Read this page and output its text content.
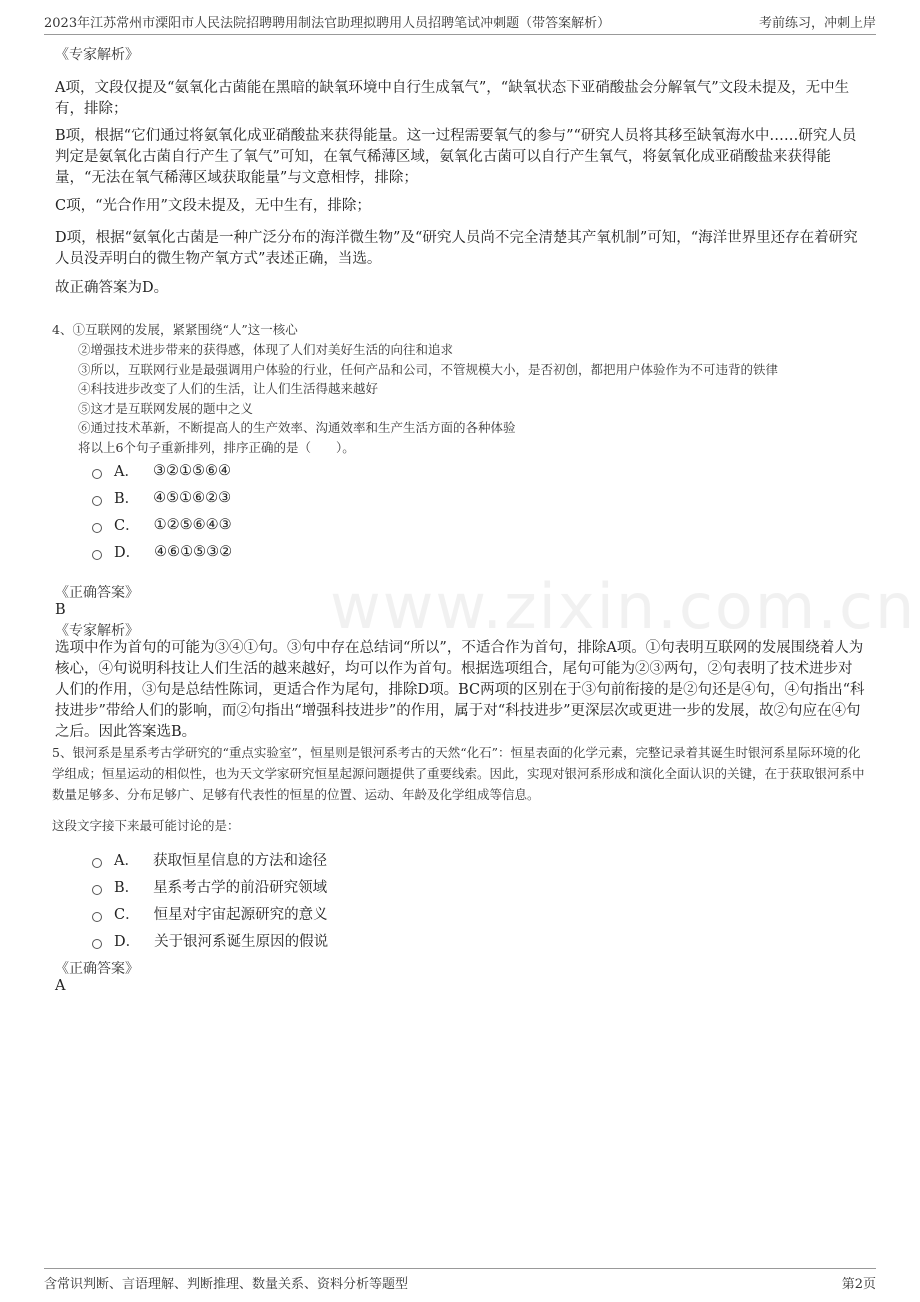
2023年江苏常州市溧阳市人民法院招聘聘用制法官助理拟聘用人员招聘笔试冲刺题（带答案解析）	考前练习，冲刺上岸
www.zixin.com.cn
《专家解析》
A项，文段仅提及“氨氧化古菌能在黑暗的缺氧环境中自行生成氧气”，“缺氧状态下亚硝酸盐会分解氧气”文段未提及，无中生有，排除；
B项，根据“它们通过将氨氧化成亚硝酸盐来获得能量。这一过程需要氧气的参与”“研究人员将其移至缺氧海水中……研究人员判定是氨氧化古菌自行产生了氧气”可知，在氧气稀薄区域，氨氧化古菌可以自行产生氧气，将氨氧化成亚硝酸盐来获得能量，“无法在氧气稀薄区域获取能量”与文意相悖，排除；
C项，“光合作用”文段未提及，无中生有，排除；
D项，根据“氨氧化古菌是一种广泛分布的海洋微生物”及“研究人员尚不完全清楚其产氧机制”可知，“海洋世界里还存在着研究人员没弄明白的微生物产氧方式”表述正确，当选。
故正确答案为D。
4、①互联网的发展，紧紧围绕“人”这一核心
②增强技术进步带来的获得感，体现了人们对美好生活的向往和追求
③所以，互联网行业是最强调用户体验的行业，任何产品和公司，不管规模大小，是否初创，都把用户体验作为不可违背的铁律
④科技进步改变了人们的生活，让人们生活得越来越好
⑤这才是互联网发展的题中之义
⑥通过技术革新，不断提高人的生产效率、沟通效率和生产生活方面的各种体验
将以上6个句子重新排列，排序正确的是（　　）。
A． ③②①⑤⑥④
B． ④⑤①⑥②③
C． ①②⑤⑥④③
D． ④⑥①⑤③②
《正确答案》
B
《专家解析》
选项中作为首句的可能为③④①句。③句中存在总结词“所以”，不适合作为首句，排除A项。①句表明互联网的发展围绕着人为核心，④句说明科技让人们生活的越来越好，均可以作为首句。根据选项组合，尾句可能为②③两句，②句表明了技术进步对人们的作用，③句是总结性陈词，更适合作为尾句，排除D项。BC两项的区别在于③句前衔接的是②句还是④句，④句指出“科技进步”带给人们的影响，而②句指出“增强科技进步”的作用，属于对“科技进步”更深层次或更进一步的发展，故②句应在④句之后。因此答案选B。
5、银河系是星系考古学研究的“重点实验室”，恒星则是银河系考古的天然“化石”：恒星表面的化学元素，完整记录着其诞生时银河系星际环境的化学组成；恒星运动的相似性，也为天文学家研究恒星起源问题提供了重要线索。因此，实现对银河系形成和演化全面认识的关键，在于获取银河系中数量足够多、分布足够广、足够有代表性的恒星的位置、运动、年龄及化学组成等信息。
这段文字接下来最可能讨论的是：
A． 获取恒星信息的方法和途径
B． 星系考古学的前沿研究领域
C． 恒星对宇宙起源研究的意义
D． 关于银河系诞生原因的假说
《正确答案》
A
含常识判断、言语理解、判断推理、数量关系、资料分析等题型	第2页
